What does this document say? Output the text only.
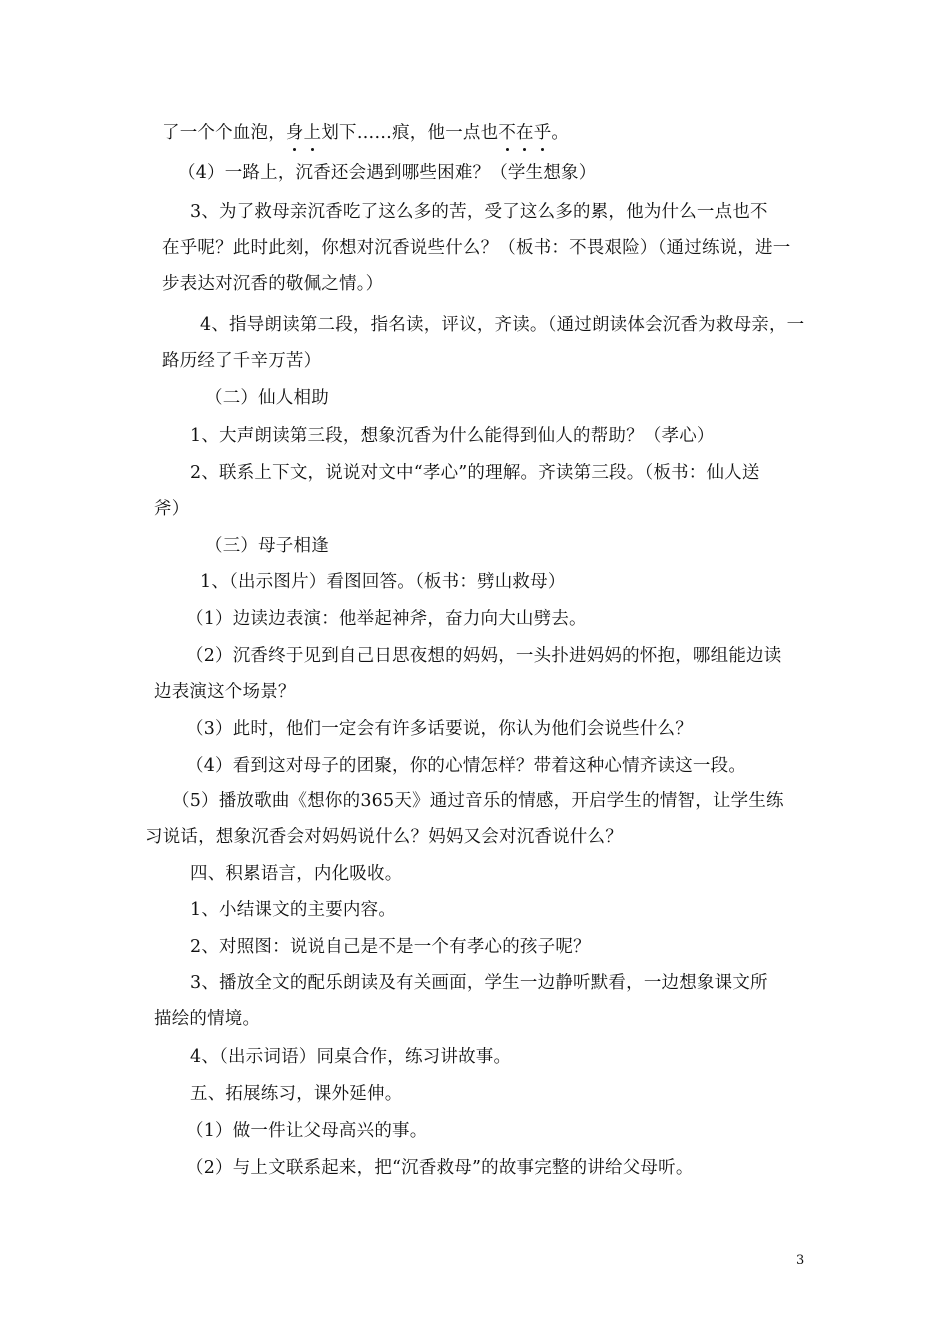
了一个个血泡，身上划下……痕，他一点也不在乎。
（4）一路上，沉香还会遇到哪些困难？（学生想象）
3、为了救母亲沉香吃了这么多的苦，受了这么多的累，他为什么一点也不
在乎呢？此时此刻，你想对沉香说些什么？（板书：不畏艰险）（通过练说，进一
步表达对沉香的敬佩之情。）
4、指导朗读第二段，指名读，评议，齐读。（通过朗读体会沉香为救母亲，一
路历经了千辛万苦）
（二）仙人相助
1、大声朗读第三段，想象沉香为什么能得到仙人的帮助？（孝心）
2、联系上下文，说说对文中“孝心”的理解。齐读第三段。（板书：仙人送
斧）
（三）母子相逢
1、（出示图片）看图回答。（板书：劈山救母）
（1）边读边表演：他举起神斧，奋力向大山劈去。
（2）沉香终于见到自己日思夜想的妈妈，一头扑进妈妈的怀抱，哪组能边读
边表演这个场景？
（3）此时，他们一定会有许多话要说，你认为他们会说些什么？
（4）看到这对母子的团聚，你的心情怎样？带着这种心情齐读这一段。
（5）播放歌曲《想你的365天》通过音乐的情感，开启学生的情智，让学生练
习说话，想象沉香会对妈妈说什么？妈妈又会对沉香说什么？
四、积累语言，内化吸收。
1、小结课文的主要内容。
2、对照图：说说自己是不是一个有孝心的孩子呢？
3、播放全文的配乐朗读及有关画面，学生一边静听默看，一边想象课文所
描绘的情境。
4、（出示词语）同桌合作，练习讲故事。
五、拓展练习，课外延伸。
（1）做一件让父母高兴的事。
（2）与上文联系起来，把“沉香救母”的故事完整的讲给父母听。
3
